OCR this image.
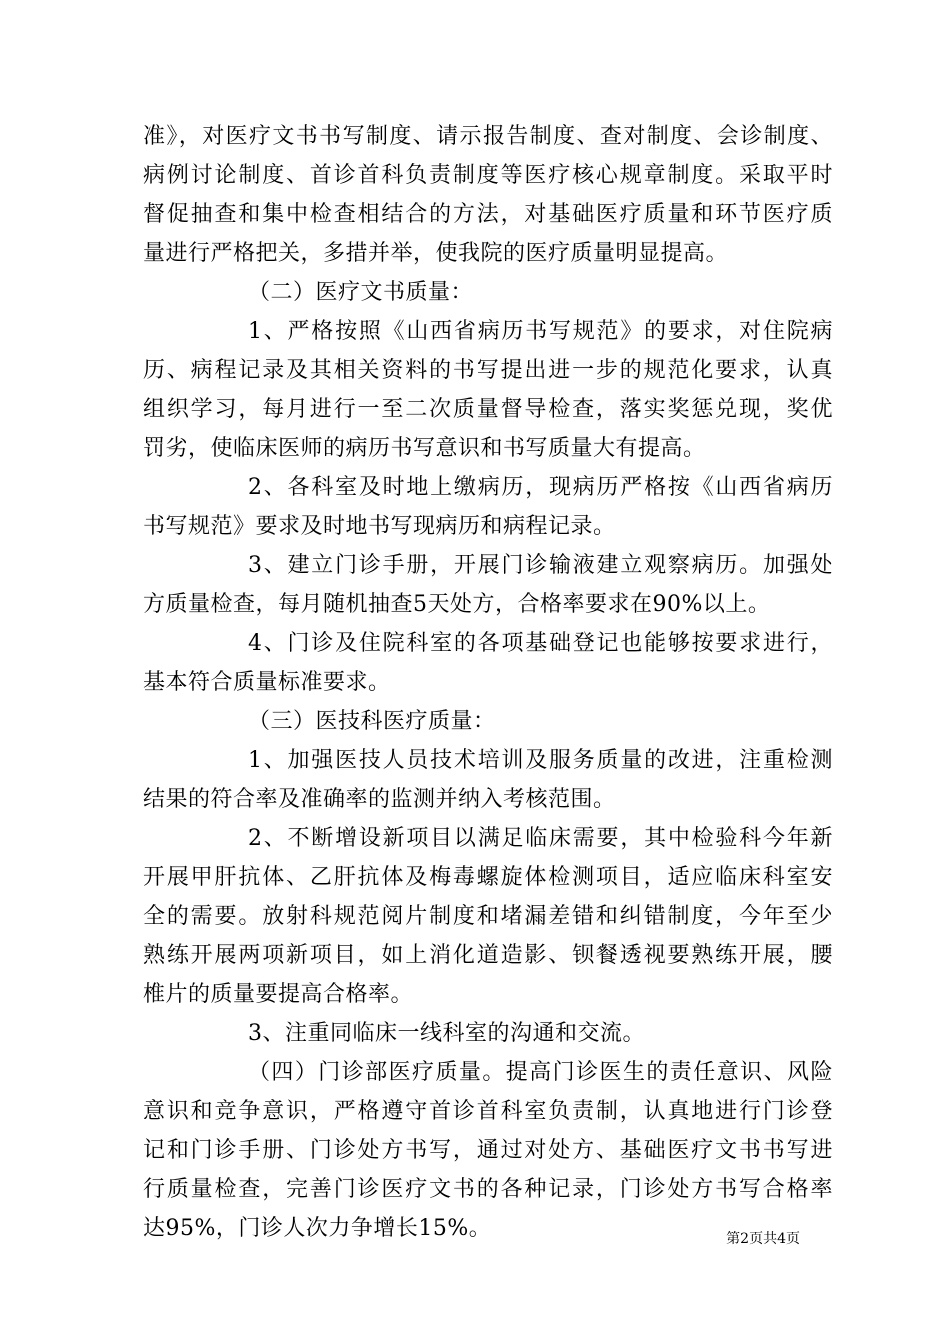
准》，对医疗文书书写制度、请示报告制度、查对制度、会诊制度、
病例讨论制度、首诊首科负责制度等医疗核心规章制度。采取平时
督促抽查和集中检查相结合的方法，对基础医疗质量和环节医疗质
量进行严格把关，多措并举，使我院的医疗质量明显提高。
（二）医疗文书质量：
1、严格按照《山西省病历书写规范》的要求，对住院病
历、病程记录及其相关资料的书写提出进一步的规范化要求，认真
组织学习，每月进行一至二次质量督导检查，落实奖惩兑现，奖优
罚劣，使临床医师的病历书写意识和书写质量大有提高。
2、各科室及时地上缴病历，现病历严格按《山西省病历
书写规范》要求及时地书写现病历和病程记录。
3、建立门诊手册，开展门诊输液建立观察病历。加强处
方质量检查，每月随机抽查5天处方，合格率要求在90%以上。
4、门诊及住院科室的各项基础登记也能够按要求进行，
基本符合质量标准要求。
（三）医技科医疗质量：
1、加强医技人员技术培训及服务质量的改进，注重检测
结果的符合率及准确率的监测并纳入考核范围。
2、不断增设新项目以满足临床需要，其中检验科今年新
开展甲肝抗体、乙肝抗体及梅毒螺旋体检测项目，适应临床科室安
全的需要。放射科规范阅片制度和堵漏差错和纠错制度，今年至少
熟练开展两项新项目，如上消化道造影、钡餐透视要熟练开展，腰
椎片的质量要提高合格率。
3、注重同临床一线科室的沟通和交流。
（四）门诊部医疗质量。提高门诊医生的责任意识、风险
意识和竞争意识，严格遵守首诊首科室负责制，认真地进行门诊登
记和门诊手册、门诊处方书写，通过对处方、基础医疗文书书写进
行质量检查，完善门诊医疗文书的各种记录，门诊处方书写合格率
达95%，门诊人次力争增长15%。	第2页共4页
